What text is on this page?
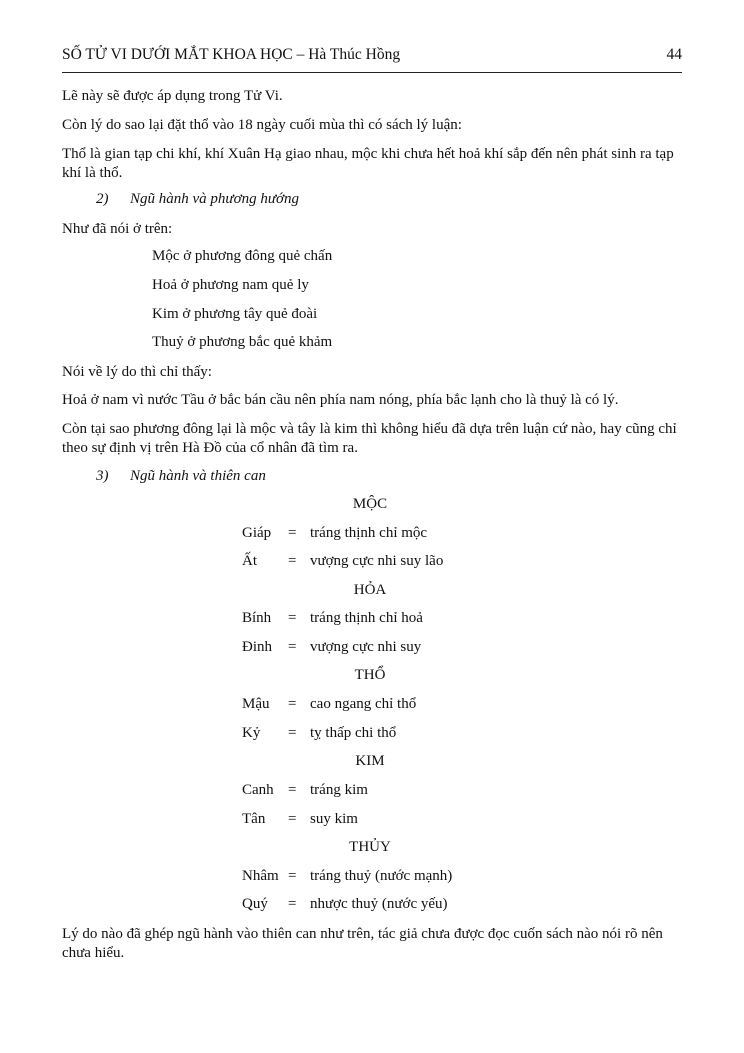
SỐ TỬ VI DƯỚI MẮT KHOA HỌC – Hà Thúc Hồng	44
Lẽ này sẽ được áp dụng trong Tử Vi.
Còn lý do sao lại đặt thổ vào 18 ngày cuối mùa thì có sách lý luận:
Thổ là gian tạp chi khí, khí Xuân Hạ giao nhau, mộc khi chưa hết hoả khí sắp đến nên phát sinh ra tạp khí là thổ.
2) Ngũ hành và phương hướng
Như đã nói ở trên:
Mộc ở phương đông quẻ chấn
Hoả ở phương nam quẻ ly
Kim ở phương tây quẻ đoài
Thuỷ ở phương bắc quẻ khảm
Nói về lý do thì chỉ thấy:
Hoả ở nam vì nước Tầu ở bắc bán cầu nên phía nam nóng, phía bắc lạnh cho là thuỷ là có lý.
Còn tại sao phương đông lại là mộc và tây là kim thì không hiểu đã dựa trên luận cứ nào, hay cũng chỉ theo sự định vị trên Hà Đồ của cổ nhân đã tìm ra.
3) Ngũ hành và thiên can
MỘC
Giáp = tráng thịnh chỉ mộc
Ất = vượng cực nhi suy lão
HỎA
Bính = tráng thịnh chỉ hoả
Đinh = vượng cực nhi suy
THỔ
Mậu = cao ngang chỉ thổ
Kỷ = tỵ thấp chi thổ
KIM
Canh = tráng kim
Tân = suy kim
THỦY
Nhâm = tráng thuỷ (nước mạnh)
Quý = nhược thuỷ (nước yếu)
Lý do nào đã ghép ngũ hành vào thiên can như trên, tác giả chưa được đọc cuốn sách nào nói rõ nên chưa hiểu.
